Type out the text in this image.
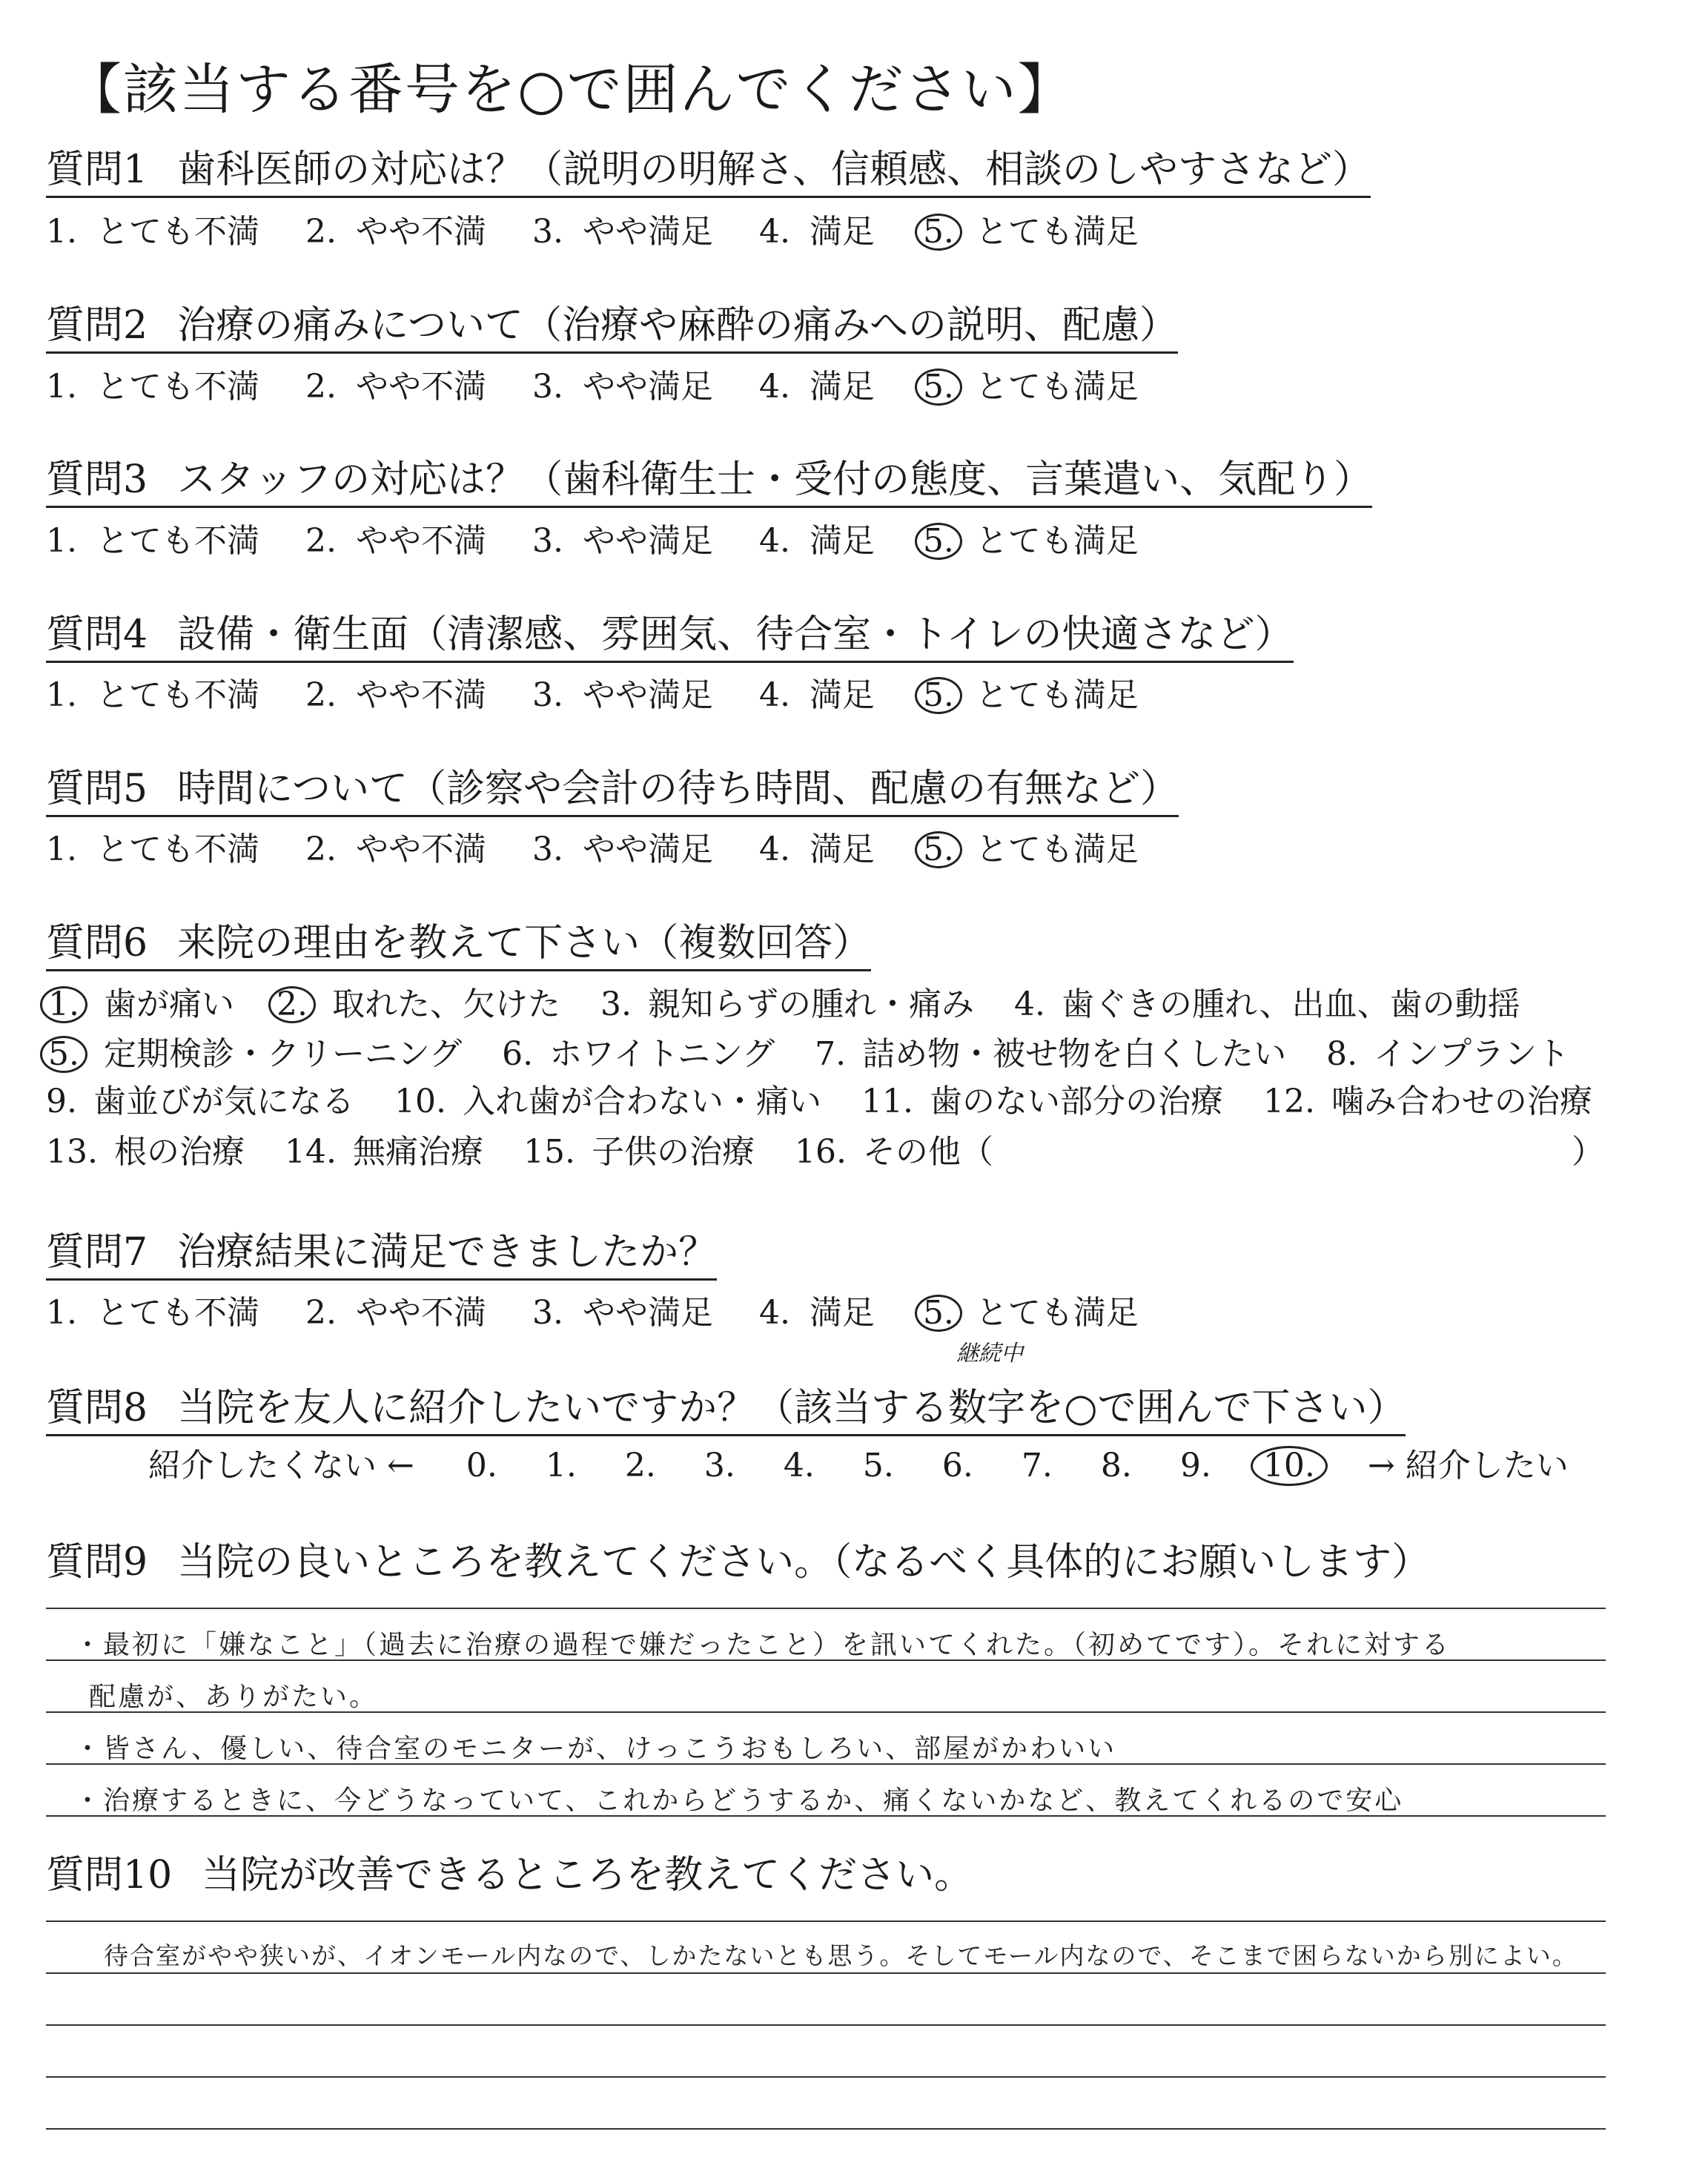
【該当する番号を○で囲んでください】
質問1 歯科医師の対応は？（説明の明解さ、信頼感、相談のしやすさなど）
1. とても不満 2. やや不満 3. やや満足 4. 満足 5. とても満足
質問2 治療の痛みについて（治療や麻酔の痛みへの説明、配慮）
1. とても不満 2. やや不満 3. やや満足 4. 満足 5. とても満足
質問3 スタッフの対応は？（歯科衛生士・受付の態度、言葉遣い、気配り）
1. とても不満 2. やや不満 3. やや満足 4. 満足 5. とても満足
質問4 設備・衛生面（清潔感、雰囲気、待合室・トイレの快適さなど）
1. とても不満 2. やや不満 3. やや満足 4. 満足 5. とても満足
質問5 時間について（診察や会計の待ち時間、配慮の有無など）
1. とても不満 2. やや不満 3. やや満足 4. 満足 5. とても満足
質問6 来院の理由を教えて下さい（複数回答）
1. 歯が痛い 2. 取れた、欠けた 3. 親知らずの腫れ・痛み 4. 歯ぐきの腫れ、出血、歯の動揺
5. 定期検診・クリーニング 6. ホワイトニング 7. 詰め物・被せ物を白くしたい 8. インプラント
9. 歯並びが気になる 10. 入れ歯が合わない・痛い 11. 歯のない部分の治療 12. 噛み合わせの治療
13. 根の治療 14. 無痛治療 15. 子供の治療 16. その他（	）
質問7 治療結果に満足できましたか？
1. とても不満 2. やや不満 3. やや満足 4. 満足 5. とても満足
継続中
質問8 当院を友人に紹介したいですか？（該当する数字を○で囲んで下さい）
紹介したくない ← 0. 1. 2. 3. 4. 5. 6. 7. 8. 9. 10. → 紹介したい
質問9 当院の良いところを教えてください。（なるべく具体的にお願いします）
・最初に「嫌なこと」（過去に治療の過程で嫌だったこと）を訊いてくれた。（初めてです）。それに対する
配慮が、ありがたい。
・皆さん、優しい、待合室のモニターが、けっこうおもしろい、部屋がかわいい
・治療するときに、今どうなっていて、これからどうするか、痛くないかなど、教えてくれるので安心
質問10 当院が改善できるところを教えてください。
待合室がやや狭いが、イオンモール内なので、しかたないとも思う。そしてモール内なので、そこまで困らないから別によい。
